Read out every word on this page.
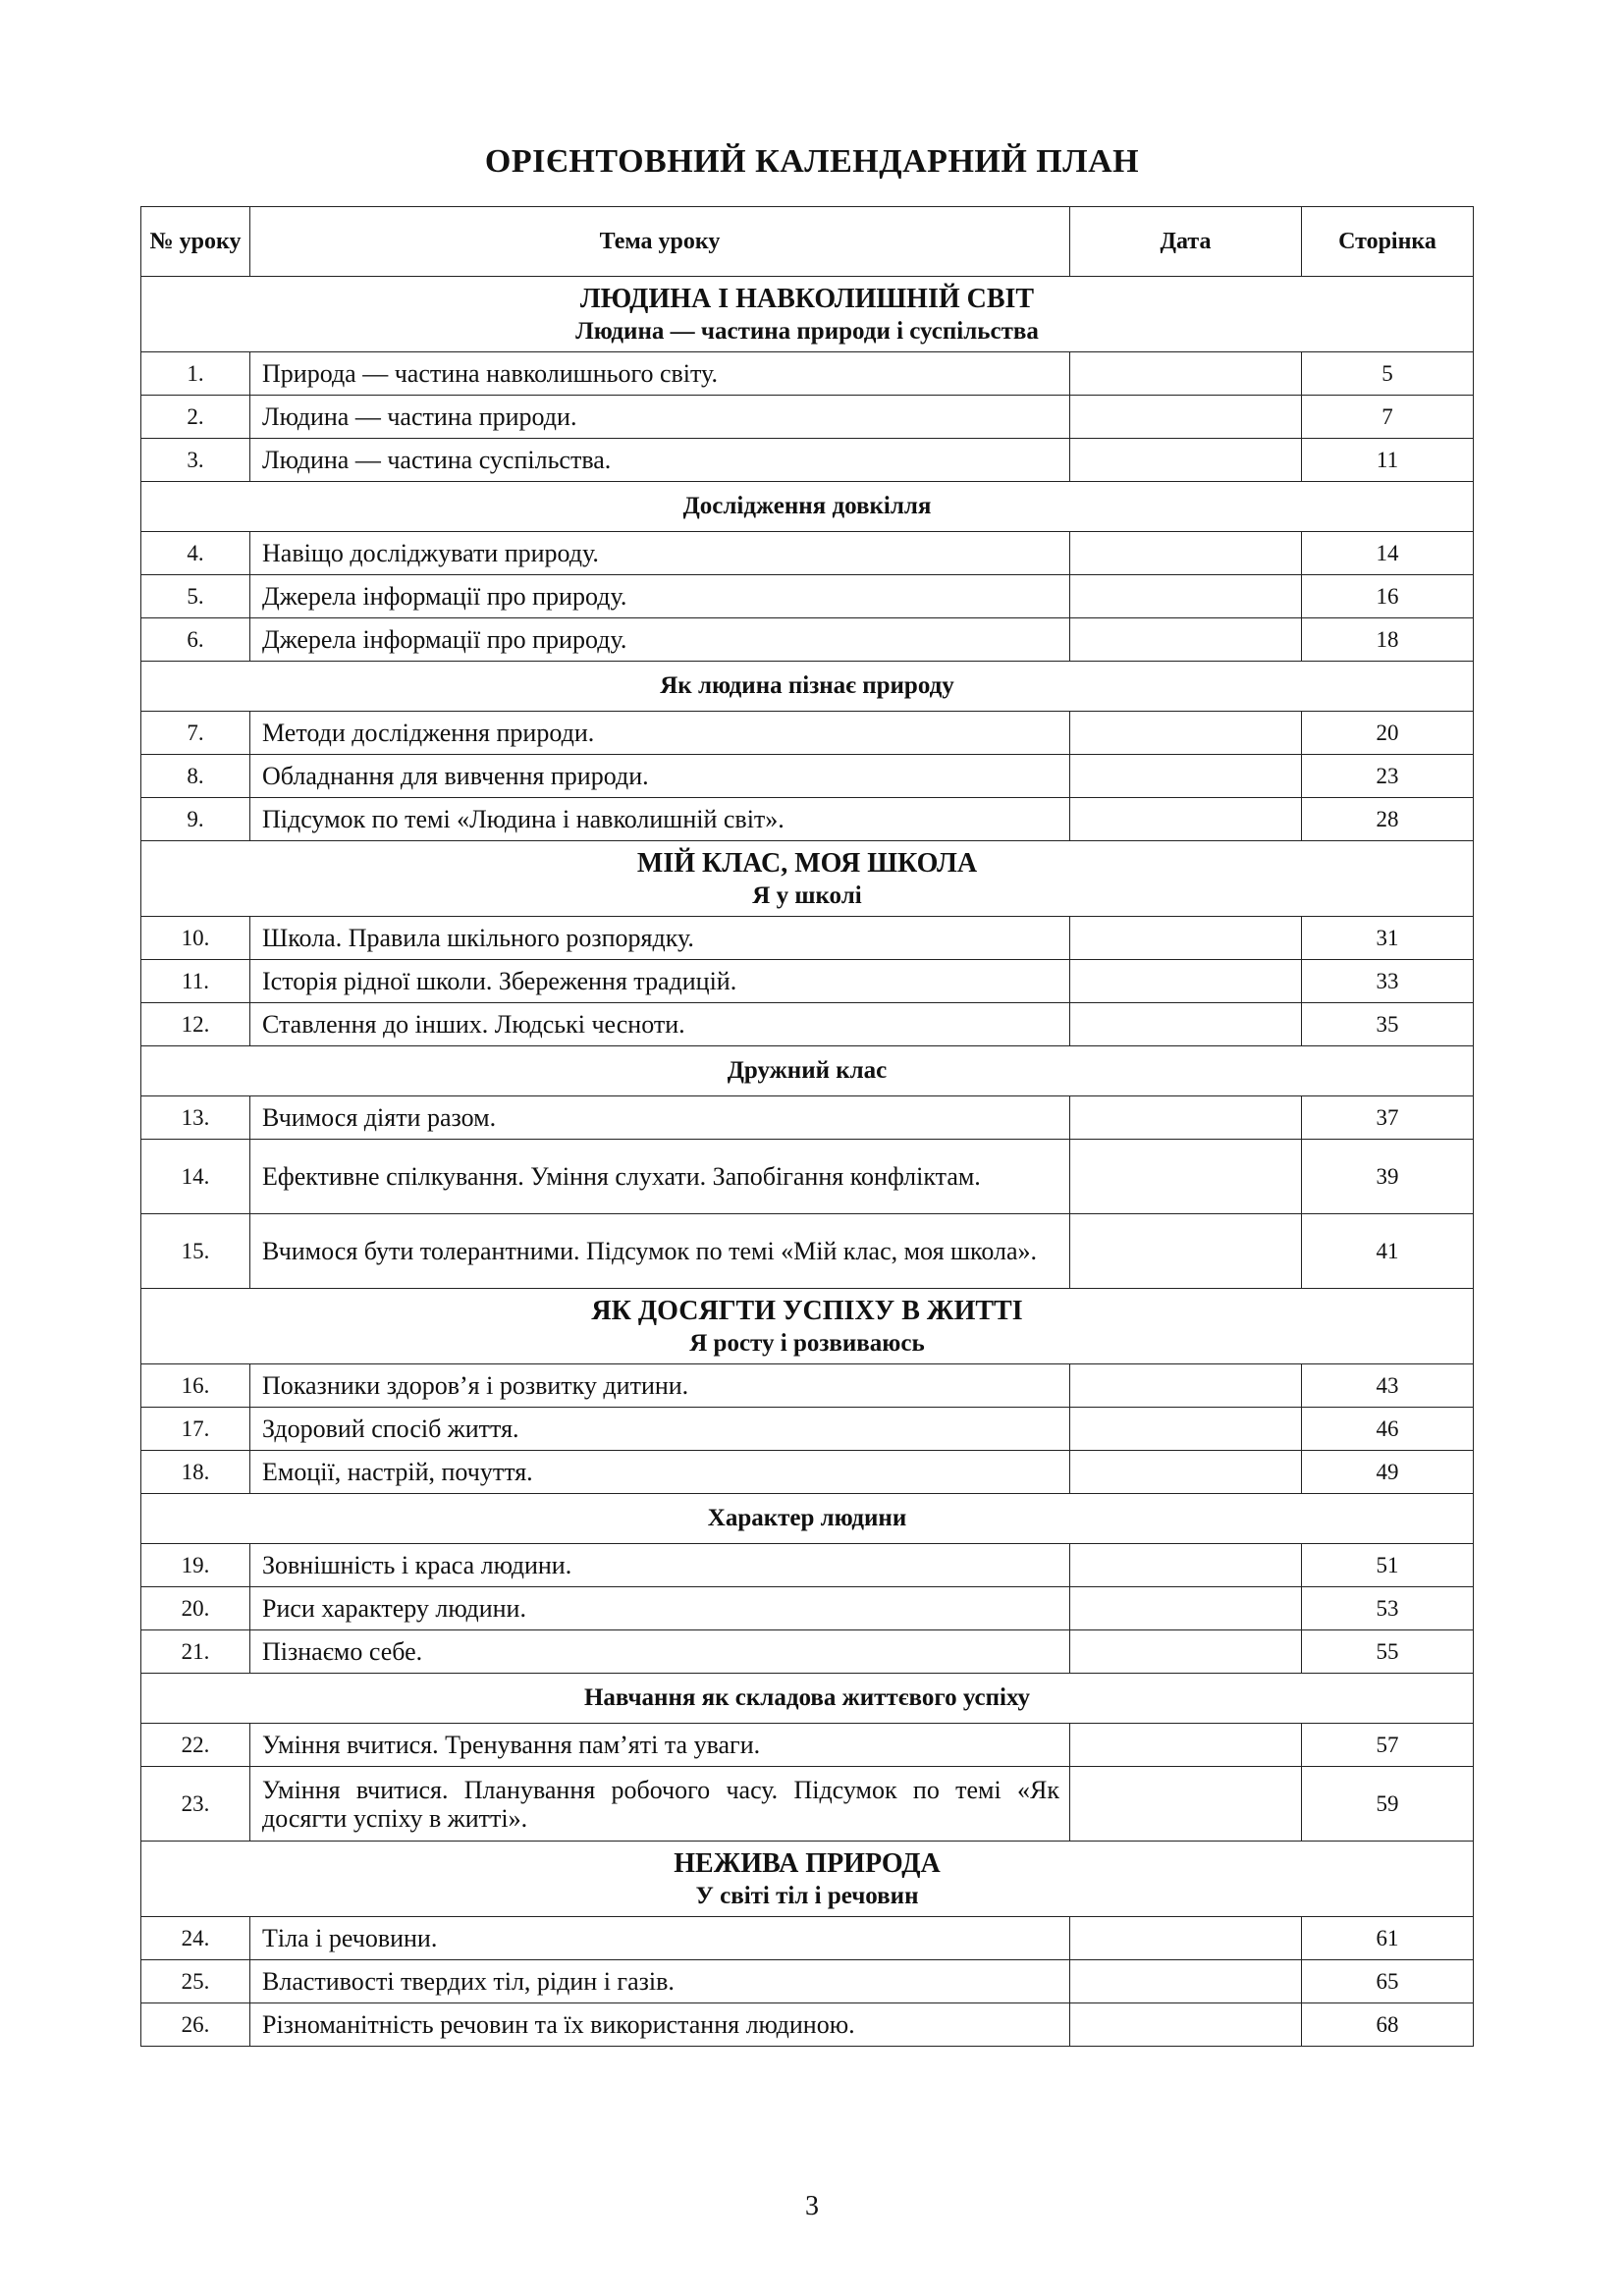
ОРІЄНТОВНИЙ КАЛЕНДАРНИЙ ПЛАН
№ уроку	Тема уроку	Дата	Сторінка

ЛЮДИНА І НАВКОЛИШНІЙ СВІТ
Людина — частина природи і суспільства			

1.	Природа — частина навколишнього світу.		5
2.	Людина — частина природи.		7
3.	Людина — частина суспільства.		11
Дослідження довкілля			
4.	Навіщо досліджувати природу.		14
5.	Джерела інформації про природу.		16
6.	Джерела інформації про природу.		18
Як людина пізнає природу			
7.	Методи дослідження природи.		20
8.	Обладнання для вивчення природи.		23
9.	Підсумок по темі «Людина і навколишній світ».		28

МІЙ КЛАС, МОЯ ШКОЛА
Я у школі			

10.	Школа. Правила шкільного розпорядку.		31
11.	Історія рідної школи. Збереження традицій.		33
12.	Ставлення до інших. Людські чесноти.		35
Дружний клас			
13.	Вчимося діяти разом.		37
14.	Ефективне спілкування. Уміння слухати. Запобігання конфліктам.		39
15.	Вчимося бути толерантними. Підсумок по темі «Мій клас, моя школа».		41

ЯК ДОСЯГТИ УСПІХУ В ЖИТТІ
Я росту і розвиваюсь			

16.	Показники здоров’я і розвитку дитини.		43
17.	Здоровий спосіб життя.		46
18.	Емоції, настрій, почуття.		49
Характер людини			
19.	Зовнішність і краса людини.		51
20.	Риси характеру людини.		53
21.	Пізнаємо себе.		55
Навчання як складова життєвого успіху			
22.	Уміння вчитися. Тренування пам’яті та уваги.		57
23.	Уміння вчитися. Планування робочого часу. Підсумок по темі «Як досягти успіху в житті».		59

НЕЖИВА ПРИРОДА
У світі тіл і речовин			

24.	Тіла і речовини.		61
25.	Властивості твердих тіл, рідин і газів.		65
26.	Різноманітність речовин та їх використання людиною.		68
3
